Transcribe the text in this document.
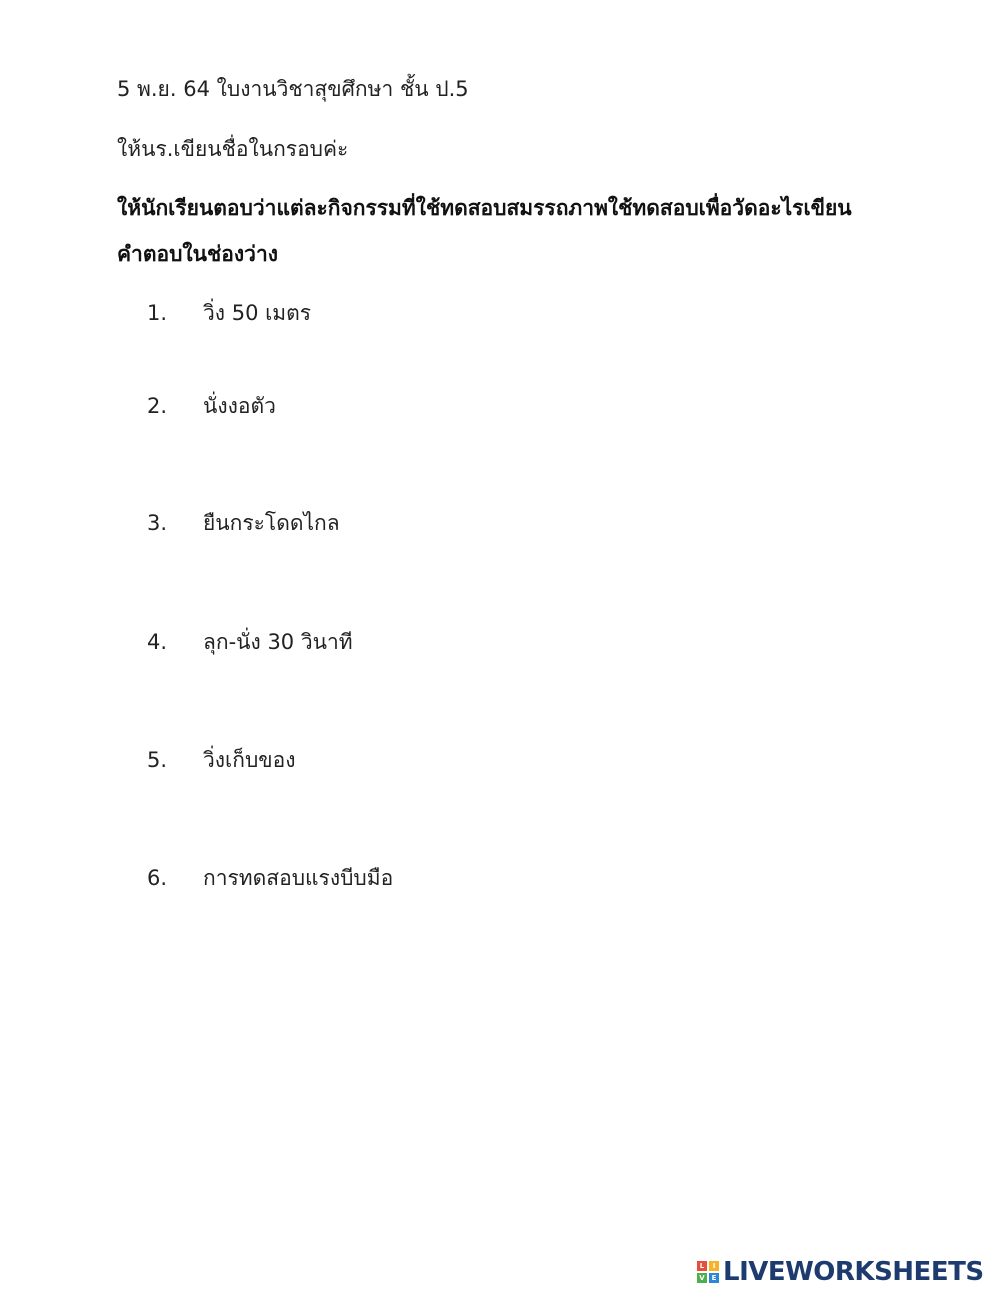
5 พ.ย. 64 ใบงานวิชาสุขศึกษา ชั้น ป.5
ให้นร.เขียนชื่อในกรอบค่ะ
ให้นักเรียนตอบว่าแต่ละกิจกรรมที่ใช้ทดสอบสมรรถภาพใช้ทดสอบเพื่อวัดอะไรเขียน
คำตอบในช่องว่าง
1. วิ่ง 50 เมตร
2. นั่งงอตัว
3. ยืนกระโดดไกล
4. ลุก-นั่ง 30 วินาที
5. วิ่งเก็บของ
6. การทดสอบแรงบีบมือ
L	I
V E LIVEWORKSHEETS
